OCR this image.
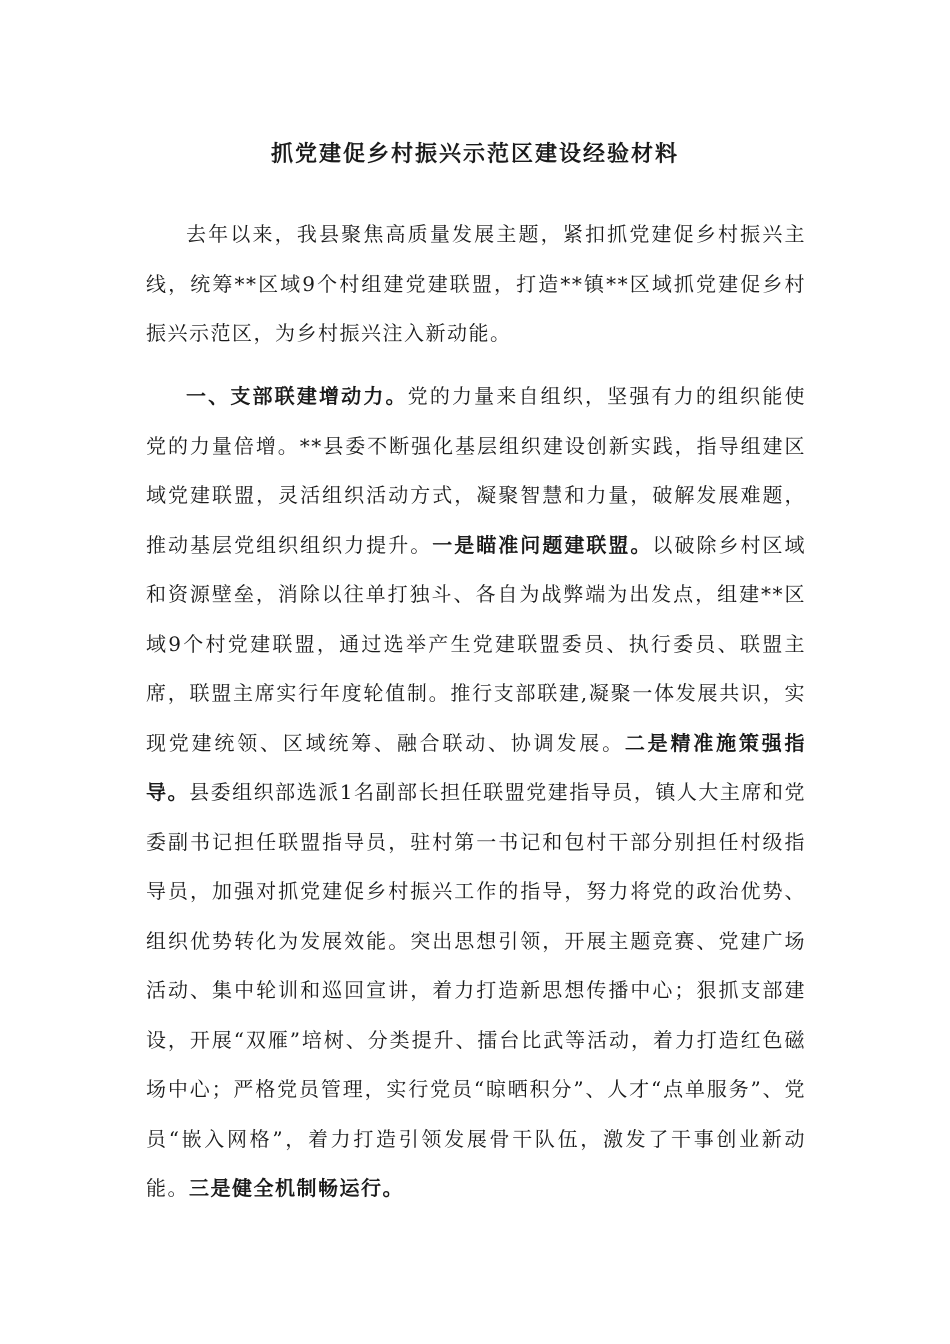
抓党建促乡村振兴示范区建设经验材料

去年以来，我县聚焦高质量发展主题，紧扣抓党建促乡村振兴主线，统筹**区域9个村组建党建联盟，打造**镇**区域抓党建促乡村振兴示范区，为乡村振兴注入新动能。

一、支部联建增动力。党的力量来自组织，坚强有力的组织能使党的力量倍增。**县委不断强化基层组织建设创新实践，指导组建区域党建联盟，灵活组织活动方式，凝聚智慧和力量，破解发展难题，推动基层党组织组织力提升。一是瞄准问题建联盟。以破除乡村区域和资源壁垒，消除以往单打独斗、各自为战弊端为出发点，组建**区域9个村党建联盟，通过选举产生党建联盟委员、执行委员、联盟主席，联盟主席实行年度轮值制。推行支部联建,凝聚一体发展共识，实现党建统领、区域统筹、融合联动、协调发展。二是精准施策强指导。县委组织部选派1名副部长担任联盟党建指导员，镇人大主席和党委副书记担任联盟指导员，驻村第一书记和包村干部分别担任村级指导员，加强对抓党建促乡村振兴工作的指导，努力将党的政治优势、组织优势转化为发展效能。突出思想引领，开展主题竞赛、党建广场活动、集中轮训和巡回宣讲，着力打造新思想传播中心；狠抓支部建设，开展“双雁”培树、分类提升、擂台比武等活动，着力打造红色磁场中心；严格党员管理，实行党员“晾晒积分”、人才“点单服务”、党员“嵌入网格”，着力打造引领发展骨干队伍，激发了干事创业新动能。三是健全机制畅运行。
